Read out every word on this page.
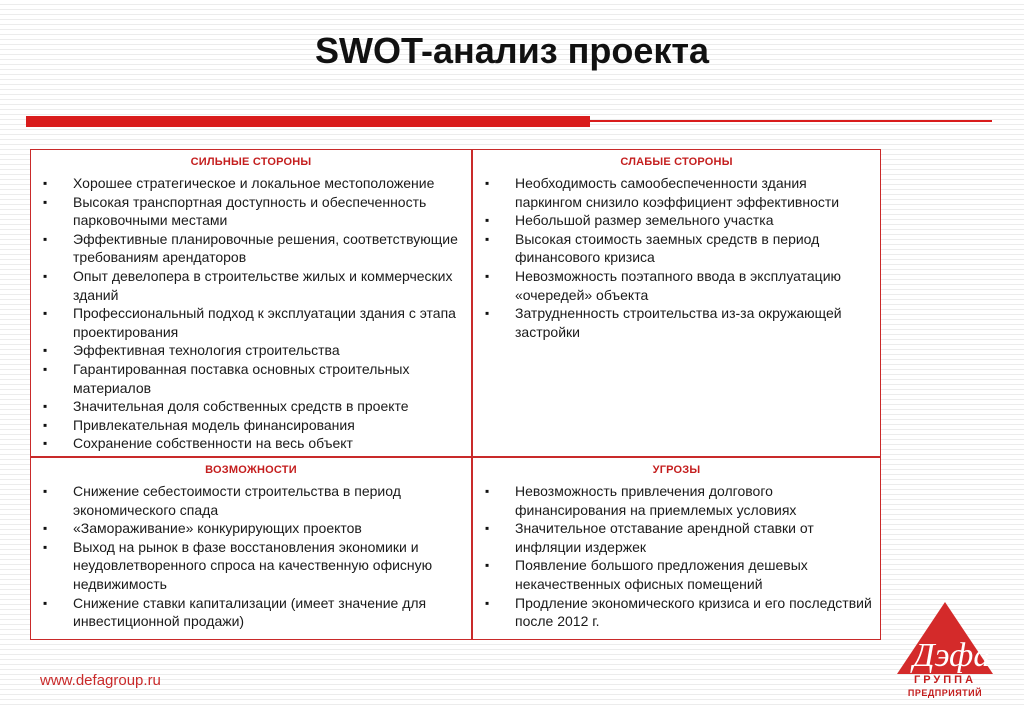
SWOT-анализ проекта
СИЛЬНЫЕ СТОРОНЫ
▪ Хорошее стратегическое и локальное местоположение
▪ Высокая транспортная доступность и обеспеченность парковочными местами
▪ Эффективные планировочные решения, соответствующие требованиям арендаторов
▪ Опыт девелопера в строительстве жилых и коммерческих зданий
▪ Профессиональный подход к эксплуатации здания с этапа проектирования
▪ Эффективная технология строительства
▪ Гарантированная поставка основных строительных материалов
▪ Значительная доля собственных средств в проекте
▪ Привлекательная модель финансирования
▪ Сохранение собственности на весь объект
СЛАБЫЕ СТОРОНЫ
▪ Необходимость самообеспеченности здания паркингом снизило коэффициент эффективности
▪ Небольшой размер земельного участка
▪ Высокая стоимость заемных средств в период финансового кризиса
▪ Невозможность поэтапного ввода в эксплуатацию «очередей» объекта
▪ Затрудненность строительства из-за окружающей застройки
ВОЗМОЖНОСТИ
▪ Снижение себестоимости строительства в период экономического спада
▪ «Замораживание» конкурирующих проектов
▪ Выход на рынок в фазе восстановления экономики и неудовлетворенного спроса на качественную офисную недвижимость
▪ Снижение ставки капитализации (имеет значение для инвестиционной продажи)
УГРОЗЫ
▪ Невозможность привлечения долгового финансирования на приемлемых условиях
▪ Значительное отставание арендной ставки от инфляции издержек
▪ Появление большого предложения дешевых некачественных офисных помещений
▪ Продление экономического кризиса и его последствий после 2012 г.
www.defagroup.ru
Дэфа
ГРУППА
ПРЕДПРИЯТИЙ
